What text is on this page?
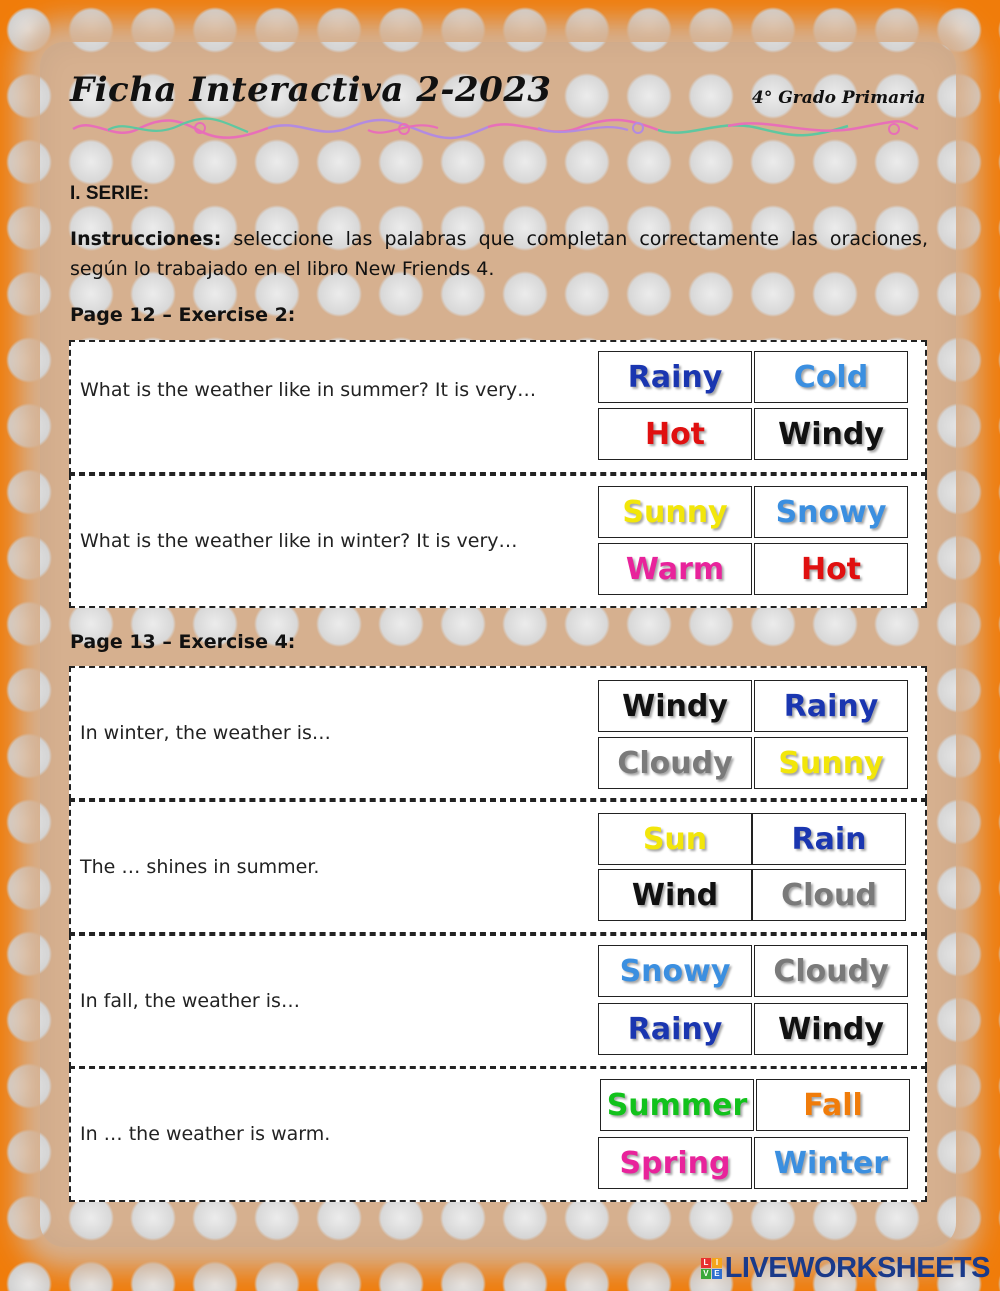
Ficha Interactiva 2-2023	4° Grado Primaria
I. SERIE:
Instrucciones: seleccione las palabras que completan correctamente las oraciones, según lo trabajado en el libro New Friends 4.
Page 12 – Exercise 2:
What is the weather like in summer? It is very…	Rainy	Cold
Hot	Windy
What is the weather like in winter? It is very…
Sunny	Snowy
Warm	Hot
Page 13 – Exercise 4:
In winter, the weather is…
Windy	Rainy
Cloudy	Sunny
The … shines in summer.
Sun	Rain
Wind	Cloud
In fall, the weather is…
Snowy	Cloudy
Rainy	Windy
In … the weather is warm.
Summer	Fall
Spring	Winter
L I
V E LIVEWORKSHEETS
